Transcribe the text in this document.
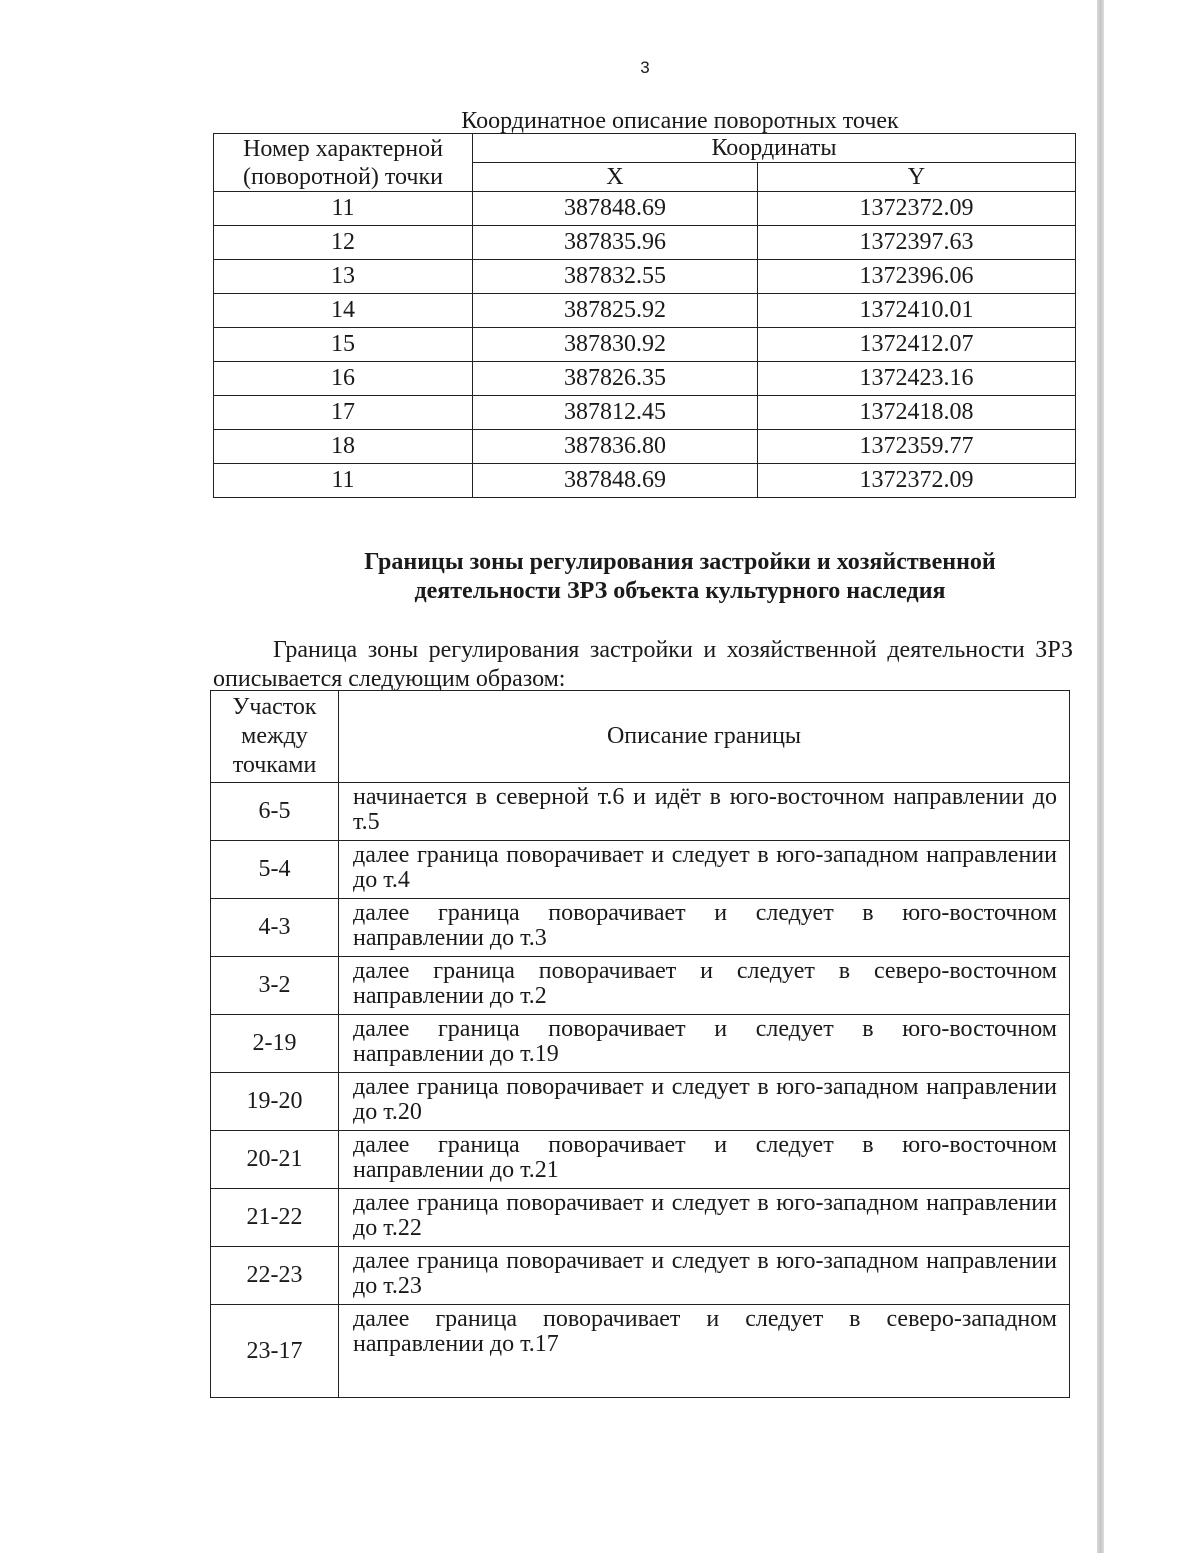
3
Координатное описание поворотных точек
Номер характерной (поворотной) точки	Координаты	
	X	Y
11	387848.69	1372372.09
12	387835.96	1372397.63
13	387832.55	1372396.06
14	387825.92	1372410.01
15	387830.92	1372412.07
16	387826.35	1372423.16
17	387812.45	1372418.08
18	387836.80	1372359.77
11	387848.69	1372372.09
Границы зоны регулирования застройки и хозяйственной
деятельности ЗРЗ объекта культурного наследия
Граница зоны регулирования застройки и хозяйственной деятельности ЗРЗ описывается следующим образом:
Участок между точками	Описание границы
6-5	начинается в северной т.6 и идёт в юго-восточном направлении до т.5
5-4	далее граница поворачивает и следует в юго-западном направлении до т.4
4-3	далее граница поворачивает и следует в юго-восточном направлении до т.3
3-2	далее граница поворачивает и следует в северо-восточном направлении до т.2
2-19	далее граница поворачивает и следует в юго-восточном направлении до т.19
19-20	далее граница поворачивает и следует в юго-западном направлении до т.20
20-21	далее граница поворачивает и следует в юго-восточном направлении до т.21
21-22	далее граница поворачивает и следует в юго-западном направлении до т.22
22-23	далее граница поворачивает и следует в юго-западном направлении до т.23
23-17	далее граница поворачивает и следует в северо-западном направлении до т.17
